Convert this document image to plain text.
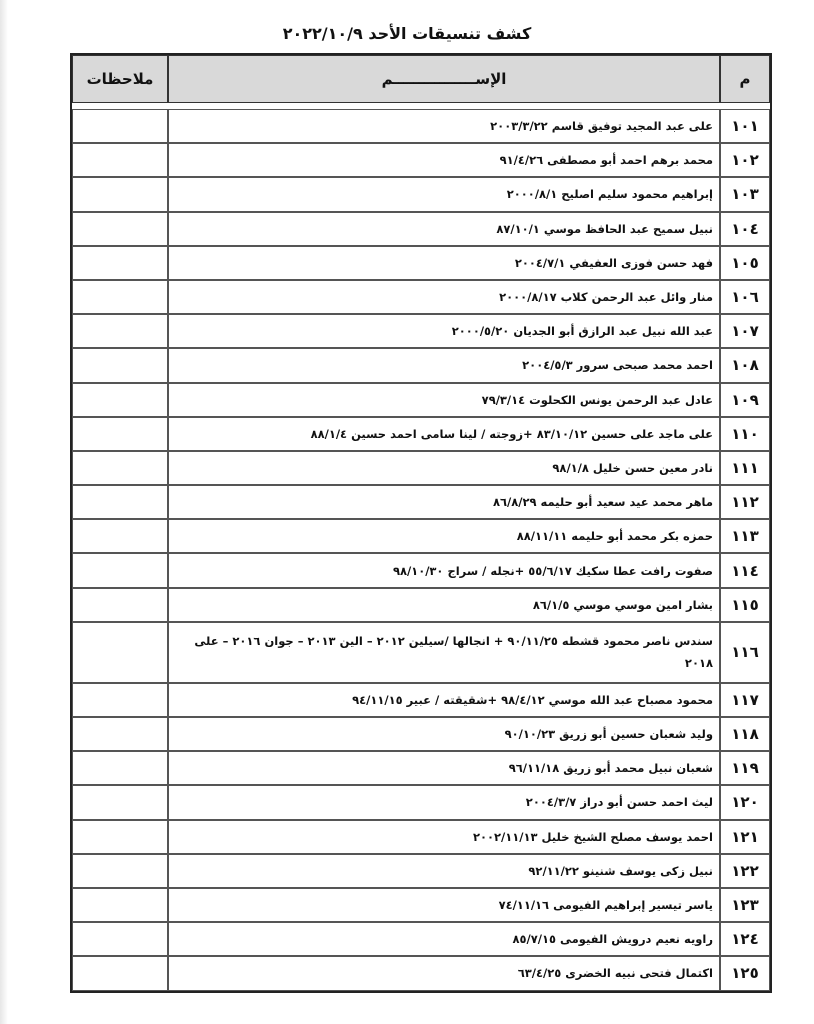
كشف تنسيقات الأحد ٢٠٢٢/١٠/٩
م	الإســــــــــــــــم	ملاحظات

١٠١	على عبد المجيد توفيق قاسم ٢٠٠٣/٣/٢٢	
١٠٢	محمد برهم احمد أبو مصطفى ٩١/٤/٢٦	
١٠٣	إبراهيم محمود سليم اصليح ٢٠٠٠/٨/١	
١٠٤	نبيل سميح عبد الحافظ موسي ٨٧/١٠/١	
١٠٥	فهد حسن فوزى العفيفي ٢٠٠٤/٧/١	
١٠٦	منار وائل عبد الرحمن كلاب ٢٠٠٠/٨/١٧	
١٠٧	عبد الله نبيل عبد الرازق أبو الجديان ٢٠٠٠/٥/٢٠	
١٠٨	احمد محمد صبحى سرور ٢٠٠٤/٥/٣	
١٠٩	عادل عبد الرحمن يونس الكحلوت ٧٩/٣/١٤	
١١٠	على ماجد على حسين ٨٣/١٠/١٢ +زوجته / لينا سامى احمد حسين ٨٨/١/٤	
١١١	نادر معين حسن خليل ٩٨/١/٨	
١١٢	ماهر محمد عيد سعيد أبو حليمه ٨٦/٨/٢٩	
١١٣	حمزه بكر محمد أبو حليمه ٨٨/١١/١١	
١١٤	صفوت رافت عطا سكيك ٥٥/٦/١٧ +نجله / سراج ٩٨/١٠/٣٠	
١١٥	بشار امين موسي موسي ٨٦/١/٥	
١١٦	سندس ناصر محمود قشطه ٩٠/١١/٢٥ + انجالها /سيلين ٢٠١٢ – الين ٢٠١٣ – جوان ٢٠١٦ – على ٢٠١٨	
١١٧	محمود مصباح عبد الله موسي ٩٨/٤/١٢ +شقيقته / عبير ٩٤/١١/١٥	
١١٨	وليد شعبان حسين أبو زريق ٩٠/١٠/٢٣	
١١٩	شعبان نبيل محمد أبو زريق ٩٦/١١/١٨	
١٢٠	ليث احمد حسن أبو دراز ٢٠٠٤/٣/٧	
١٢١	احمد يوسف مصلح الشيخ خليل ٢٠٠٢/١١/١٣	
١٢٢	نبيل زكى يوسف شنينو ٩٢/١١/٢٢	
١٢٣	ياسر تيسير إبراهيم الفيومى ٧٤/١١/١٦	
١٢٤	راويه نعيم درويش الفيومى ٨٥/٧/١٥	
١٢٥	اكتمال فتحى نبيه الخضرى ٦٣/٤/٢٥	
